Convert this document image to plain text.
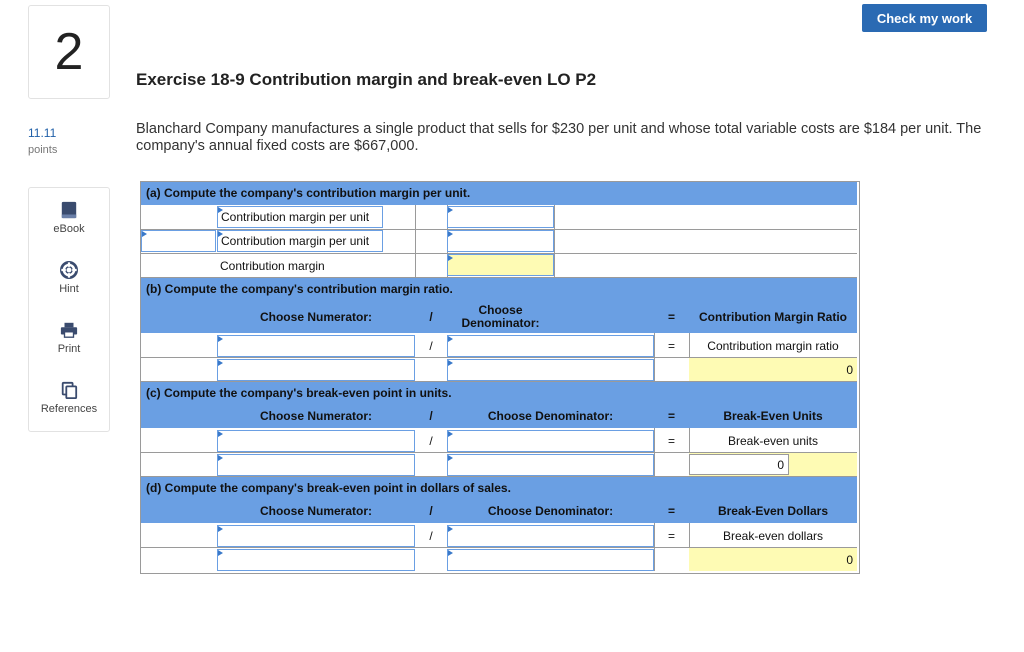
2
Check my work
Exercise 18-9 Contribution margin and break-even LO P2
11.11
points
Blanchard Company manufactures a single product that sells for $230 per unit and whose total variable costs are $184 per unit. The company's annual fixed costs are $667,000.
eBook
Hint
Print
References
(a) Compute the company's contribution margin per unit.
Contribution margin per unit
Contribution margin per unit
Contribution margin
(b) Compute the company's contribution margin ratio.
Choose Numerator:	/	Choose Denominator:	=	Contribution Margin Ratio
/	=	Contribution margin ratio
0
(c) Compute the company's break-even point in units.
Choose Numerator:	/	Choose Denominator:	=	Break-Even Units
/	=	Break-even units
0
(d) Compute the company's break-even point in dollars of sales.
Choose Numerator:	/	Choose Denominator:	=	Break-Even Dollars
/	=	Break-even dollars
0
